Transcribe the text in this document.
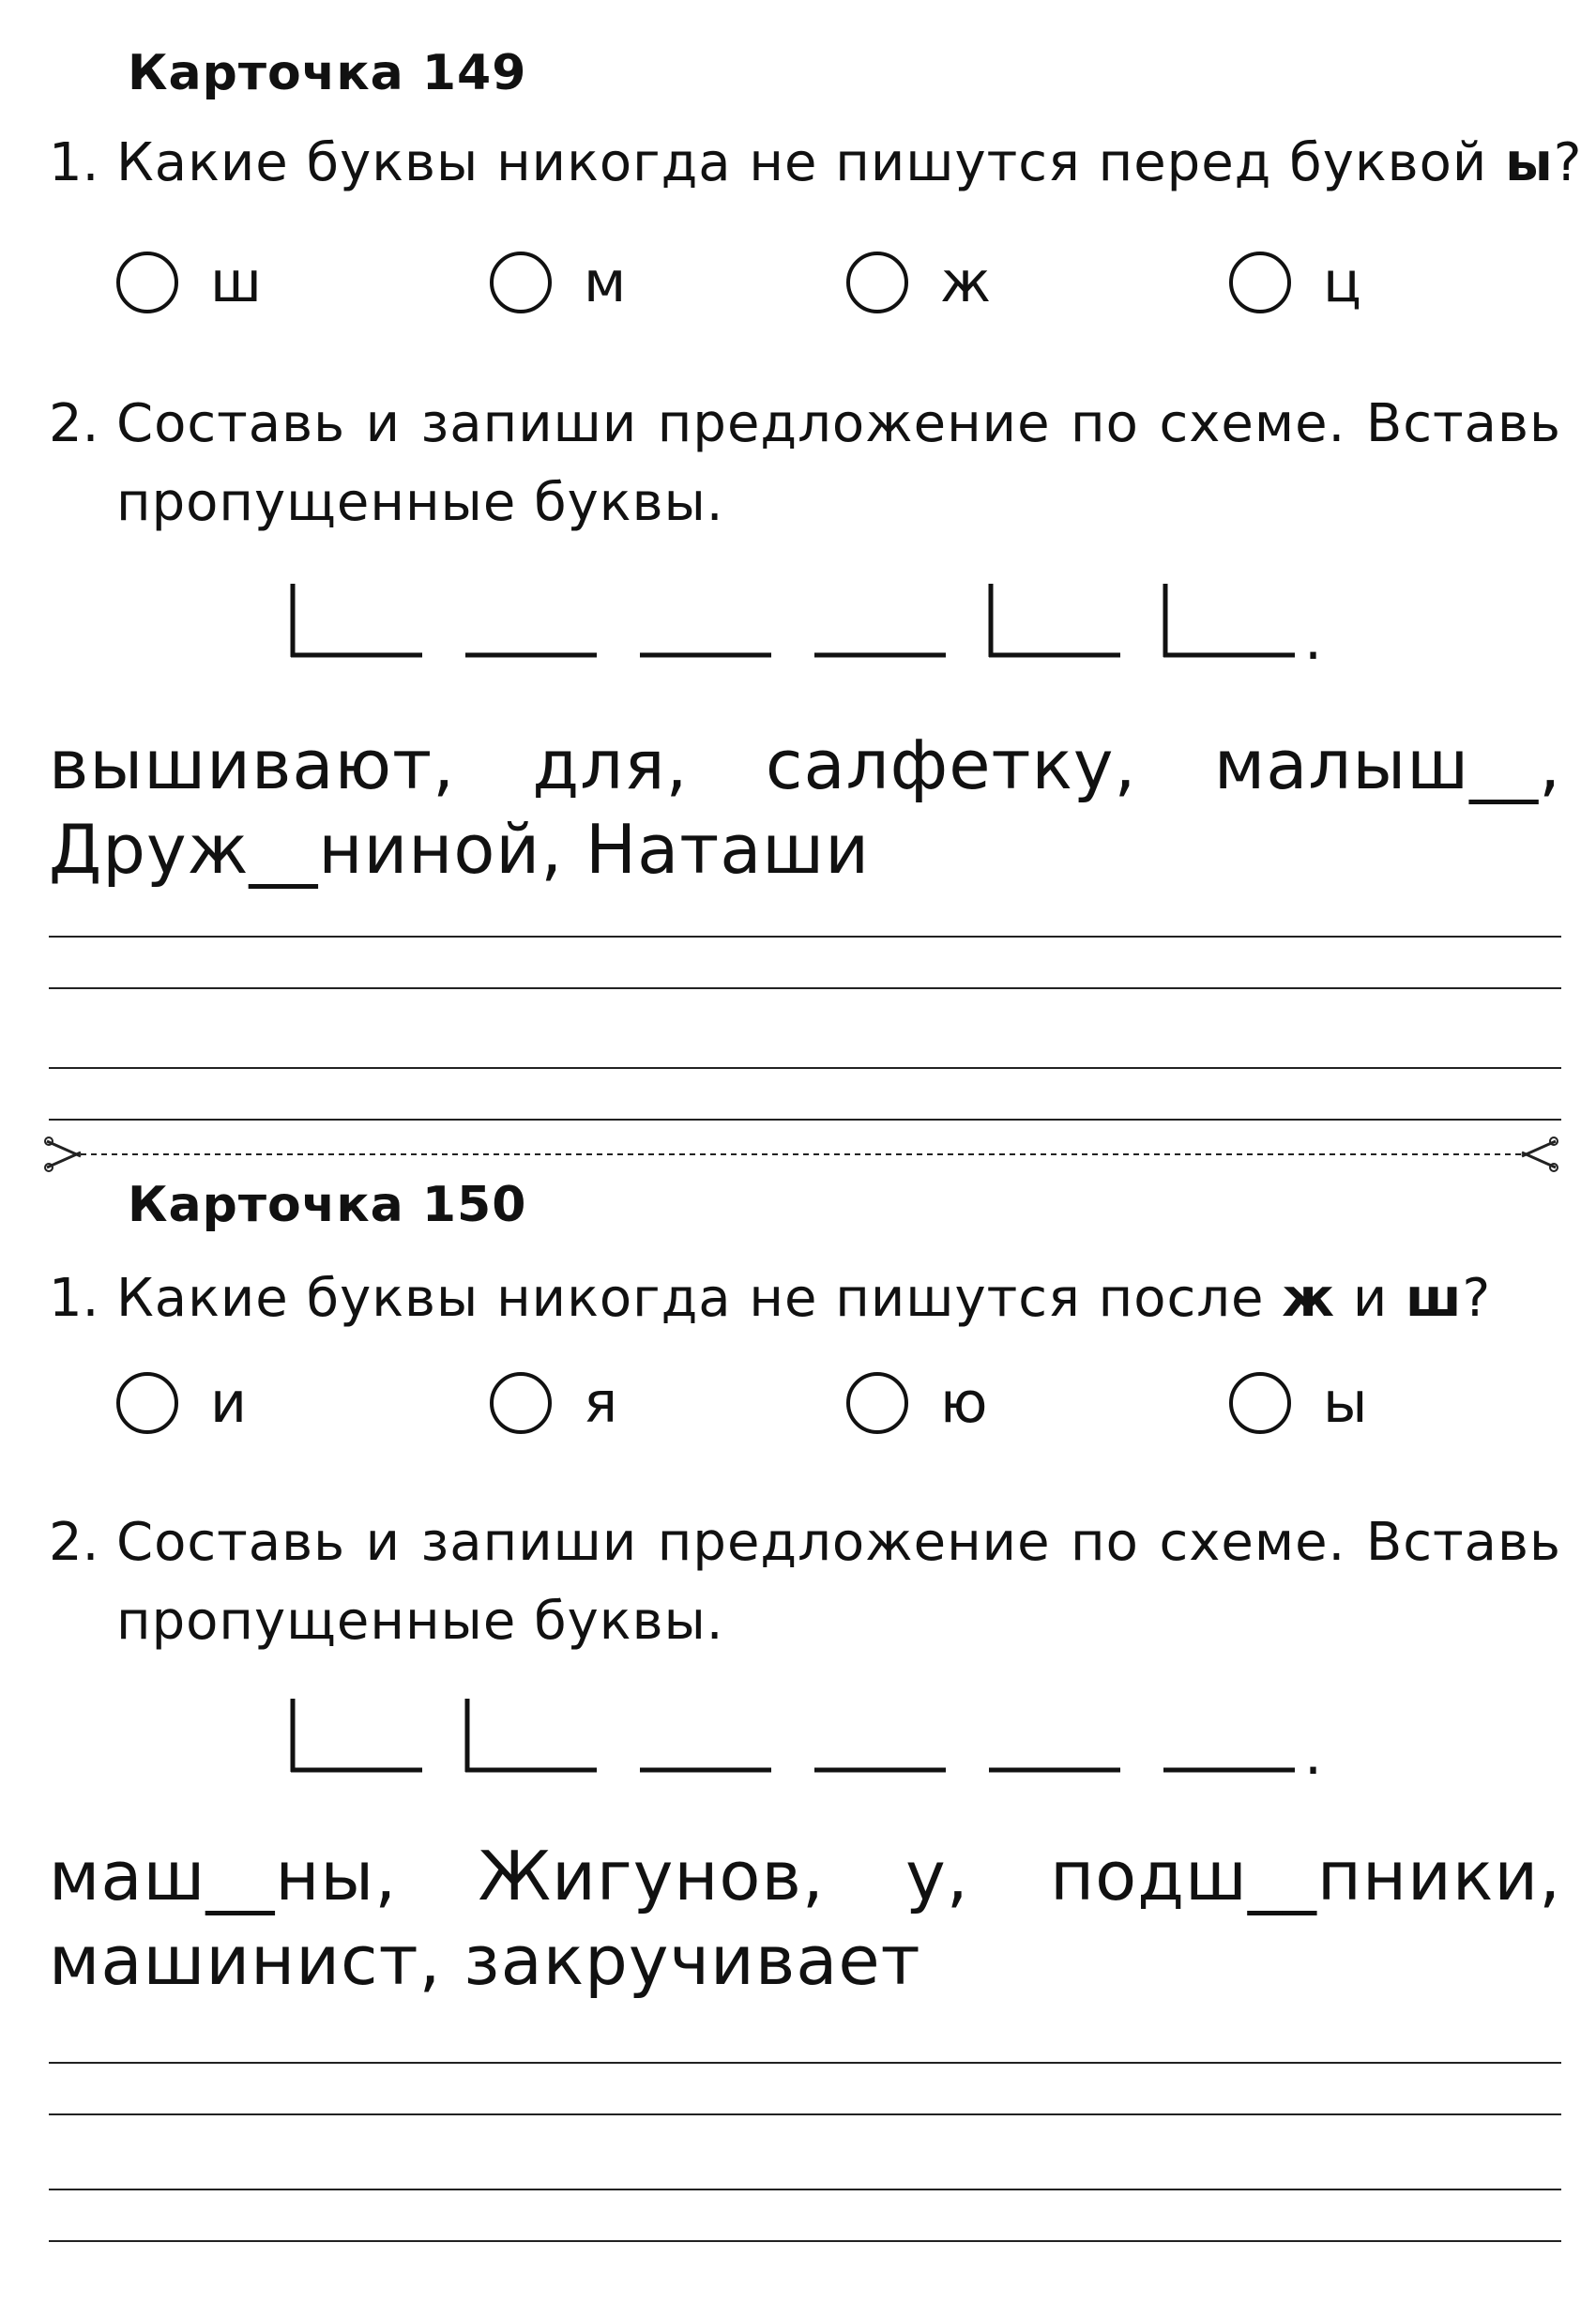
Карточка 149
1. Какие буквы никогда не пишутся перед буквой ы?
ш	м	ж	ц
2. Составь и запиши предложение по схеме. Вставь пропущенные буквы.
.
вышивают, для, салфетку, малыш__, Друж__ниной, Наташи
Карточка 150
1. Какие буквы никогда не пишутся после ж и ш?
и	я	ю	ы
2. Составь и запиши предложение по схеме. Вставь пропущенные буквы.
.
маш__ны, Жигунов, у, подш__пники, машинист, закручивает
